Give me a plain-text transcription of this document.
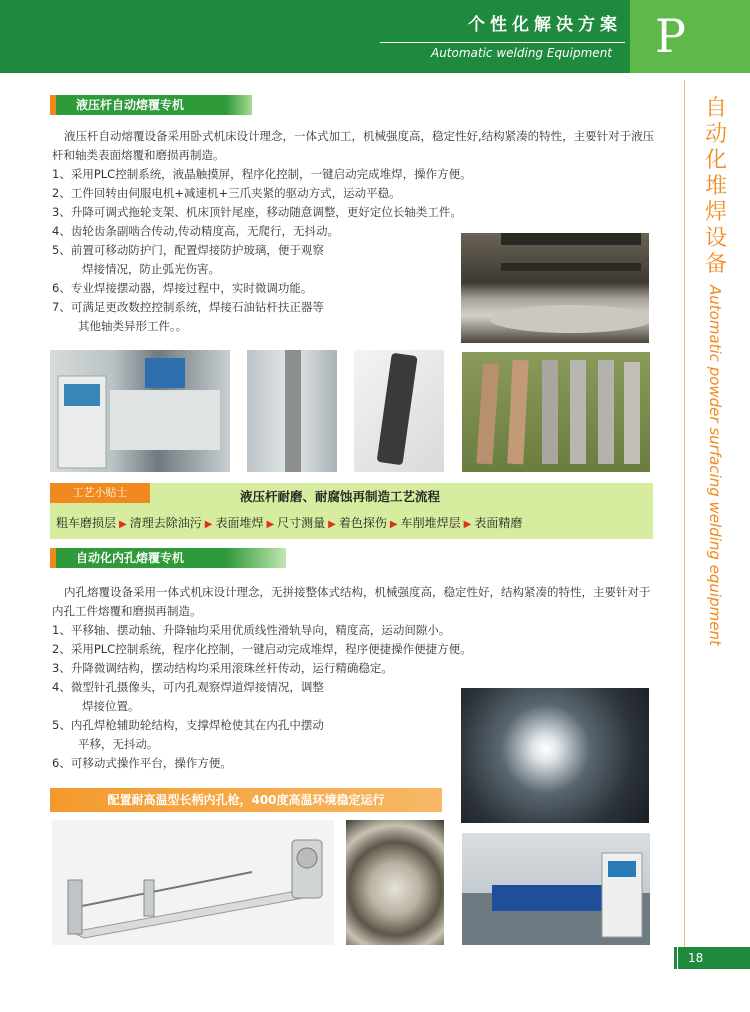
个性化解决方案
Automatic welding Equipment P
自动化堆焊设备
Automatic powder surfacing welding equipment
液压杆自动熔覆专机

液压杆自动熔覆设备采用卧式机床设计理念，一体式加工，机械强度高，稳定性好,结构紧凑的特性，主要针对于液压杆和轴类表面熔覆和磨损再制造。

1、采用PLC控制系统，液晶触摸屏，程序化控制，一键启动完成堆焊，操作方便。

2、工件回转由伺服电机+减速机+三爪夹紧的驱动方式，运动平稳。

3、升降可调式拖轮支架、机床顶针尾座，移动随意调整，更好定位长轴类工件。

4、齿轮齿条副啮合传动,传动精度高，无爬行，无抖动。

5、前置可移动防护门，配置焊接防护玻璃，便于观察

焊接情况，防止弧光伤害。

6、专业焊接摆动器，焊接过程中，实时微调功能。

7、可满足更改数控控制系统，焊接石油钻杆扶正器等

其他轴类异形工件。。

工艺小贴士	液压杆耐磨、耐腐蚀再制造工艺流程
粗车磨损层 ▶ 清理去除油污 ▶ 表面堆焊 ▶ 尺寸测量 ▶ 着色探伤 ▶ 车削堆焊层 ▶ 表面精磨
自动化内孔熔覆专机

内孔熔覆设备采用一体式机床设计理念，无拼接整体式结构，机械强度高，稳定性好，结构紧凑的特性，主要针对于内孔工件熔覆和磨损再制造。

1、平移轴、摆动轴、升降轴均采用优质线性滑轨导向，精度高，运动间隙小。

2、采用PLC控制系统，程序化控制，一键启动完成堆焊，程序便捷操作便捷方便。

3、升降微调结构，摆动结构均采用滚珠丝杆传动，运行精确稳定。

4、微型针孔摄像头，可内孔观察焊道焊接情况，调整

焊接位置。

5、内孔焊枪辅助轮结构，支撑焊枪使其在内孔中摆动

平移，无抖动。

6、可移动式操作平台，操作方便。

配置耐高温型长柄内孔枪，400度高温环境稳定运行
18
